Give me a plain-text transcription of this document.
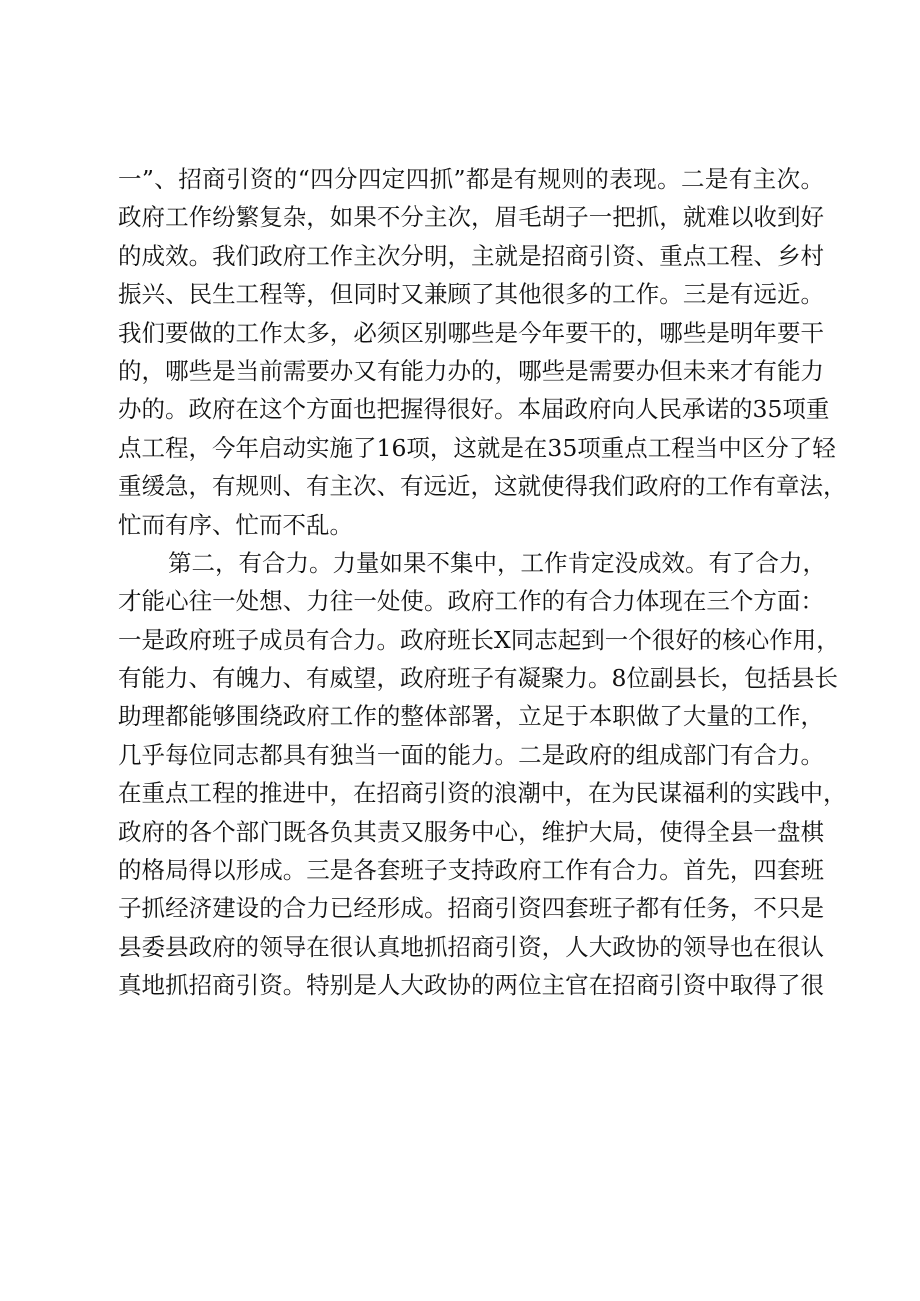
一”、招商引资的“四分四定四抓”都是有规则的表现。二是有主次。
政府工作纷繁复杂，如果不分主次，眉毛胡子一把抓，就难以收到好
的成效。我们政府工作主次分明，主就是招商引资、重点工程、乡村
振兴、民生工程等，但同时又兼顾了其他很多的工作。三是有远近。
我们要做的工作太多，必须区别哪些是今年要干的，哪些是明年要干
的，哪些是当前需要办又有能力办的，哪些是需要办但未来才有能力
办的。政府在这个方面也把握得很好。本届政府向人民承诺的35项重
点工程，今年启动实施了16项，这就是在35项重点工程当中区分了轻
重缓急，有规则、有主次、有远近，这就使得我们政府的工作有章法，
忙而有序、忙而不乱。
第二，有合力。力量如果不集中，工作肯定没成效。有了合力，
才能心往一处想、力往一处使。政府工作的有合力体现在三个方面：
一是政府班子成员有合力。政府班长X同志起到一个很好的核心作用，
有能力、有魄力、有威望，政府班子有凝聚力。8位副县长，包括县长
助理都能够围绕政府工作的整体部署，立足于本职做了大量的工作，
几乎每位同志都具有独当一面的能力。二是政府的组成部门有合力。
在重点工程的推进中，在招商引资的浪潮中，在为民谋福利的实践中，
政府的各个部门既各负其责又服务中心，维护大局，使得全县一盘棋
的格局得以形成。三是各套班子支持政府工作有合力。首先，四套班
子抓经济建设的合力已经形成。招商引资四套班子都有任务，不只是
县委县政府的领导在很认真地抓招商引资，人大政协的领导也在很认
真地抓招商引资。特别是人大政协的两位主官在招商引资中取得了很
